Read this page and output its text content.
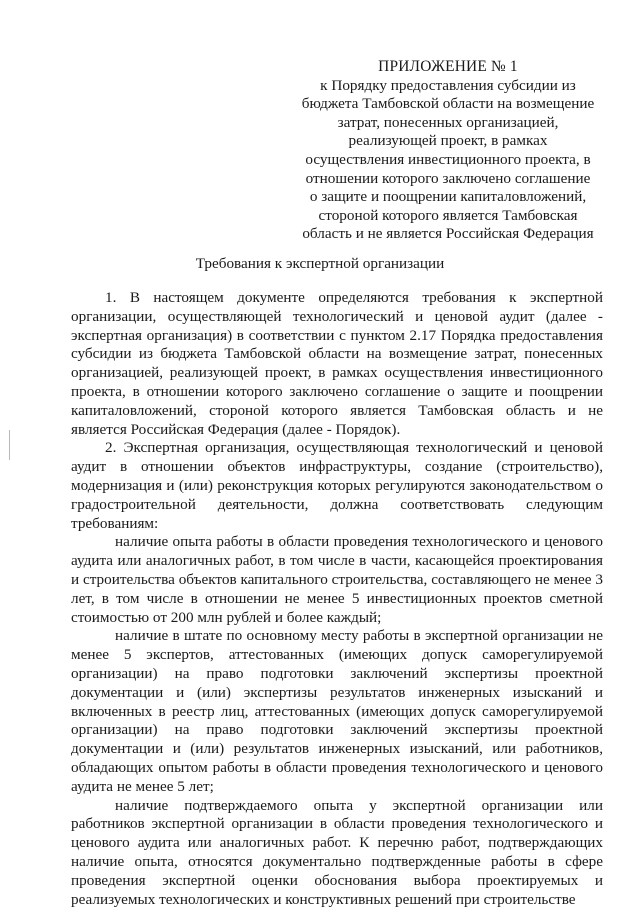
ПРИЛОЖЕНИЕ № 1
к Порядку предоставления субсидии из
бюджета Тамбовской области на возмещение
затрат, понесенных организацией,
реализующей проект, в рамках
осуществления инвестиционного проекта, в
отношении которого заключено соглашение
о защите и поощрении капиталовложений,
стороной которого является Тамбовская
область и не является Российская Федерация
Требования к экспертной организации

1. В настоящем документе определяются требования к экспертной организации, осуществляющей технологический и ценовой аудит (далее - экспертная организация) в соответствии с пунктом 2.17 Порядка предоставления субсидии из бюджета Тамбовской области на возмещение затрат, понесенных организацией, реализующей проект, в рамках осуществления инвестиционного проекта, в отношении которого заключено соглашение о защите и поощрении капиталовложений, стороной которого является Тамбовская область и не является Российская Федерация (далее - Порядок).

2. Экспертная организация, осуществляющая технологический и ценовой аудит в отношении объектов инфраструктуры, создание (строительство), модернизация и (или) реконструкция которых регулируются законодательством о градостроительной деятельности, должна соответствовать следующим требованиям:

наличие опыта работы в области проведения технологического и ценового аудита или аналогичных работ, в том числе в части, касающейся проектирования и строительства объектов капитального строительства, составляющего не менее 3 лет, в том числе в отношении не менее 5 инвестиционных проектов сметной стоимостью от 200 млн рублей и более каждый;

наличие в штате по основному месту работы в экспертной организации не менее 5 экспертов, аттестованных (имеющих допуск саморегулируемой организации) на право подготовки заключений экспертизы проектной документации и (или) экспертизы результатов инженерных изысканий и включенных в реестр лиц, аттестованных (имеющих допуск саморегулируемой организации) на право подготовки заключений экспертизы проектной документации и (или) результатов инженерных изысканий, или работников, обладающих опытом работы в области проведения технологического и ценового аудита не менее 5 лет;

наличие подтверждаемого опыта у экспертной организации или работников экспертной организации в области проведения технологического и ценового аудита или аналогичных работ. К перечню работ, подтверждающих наличие опыта, относятся документально подтвержденные работы в сфере проведения экспертной оценки обоснования выбора проектируемых и реализуемых технологических и конструктивных решений при строительстве
